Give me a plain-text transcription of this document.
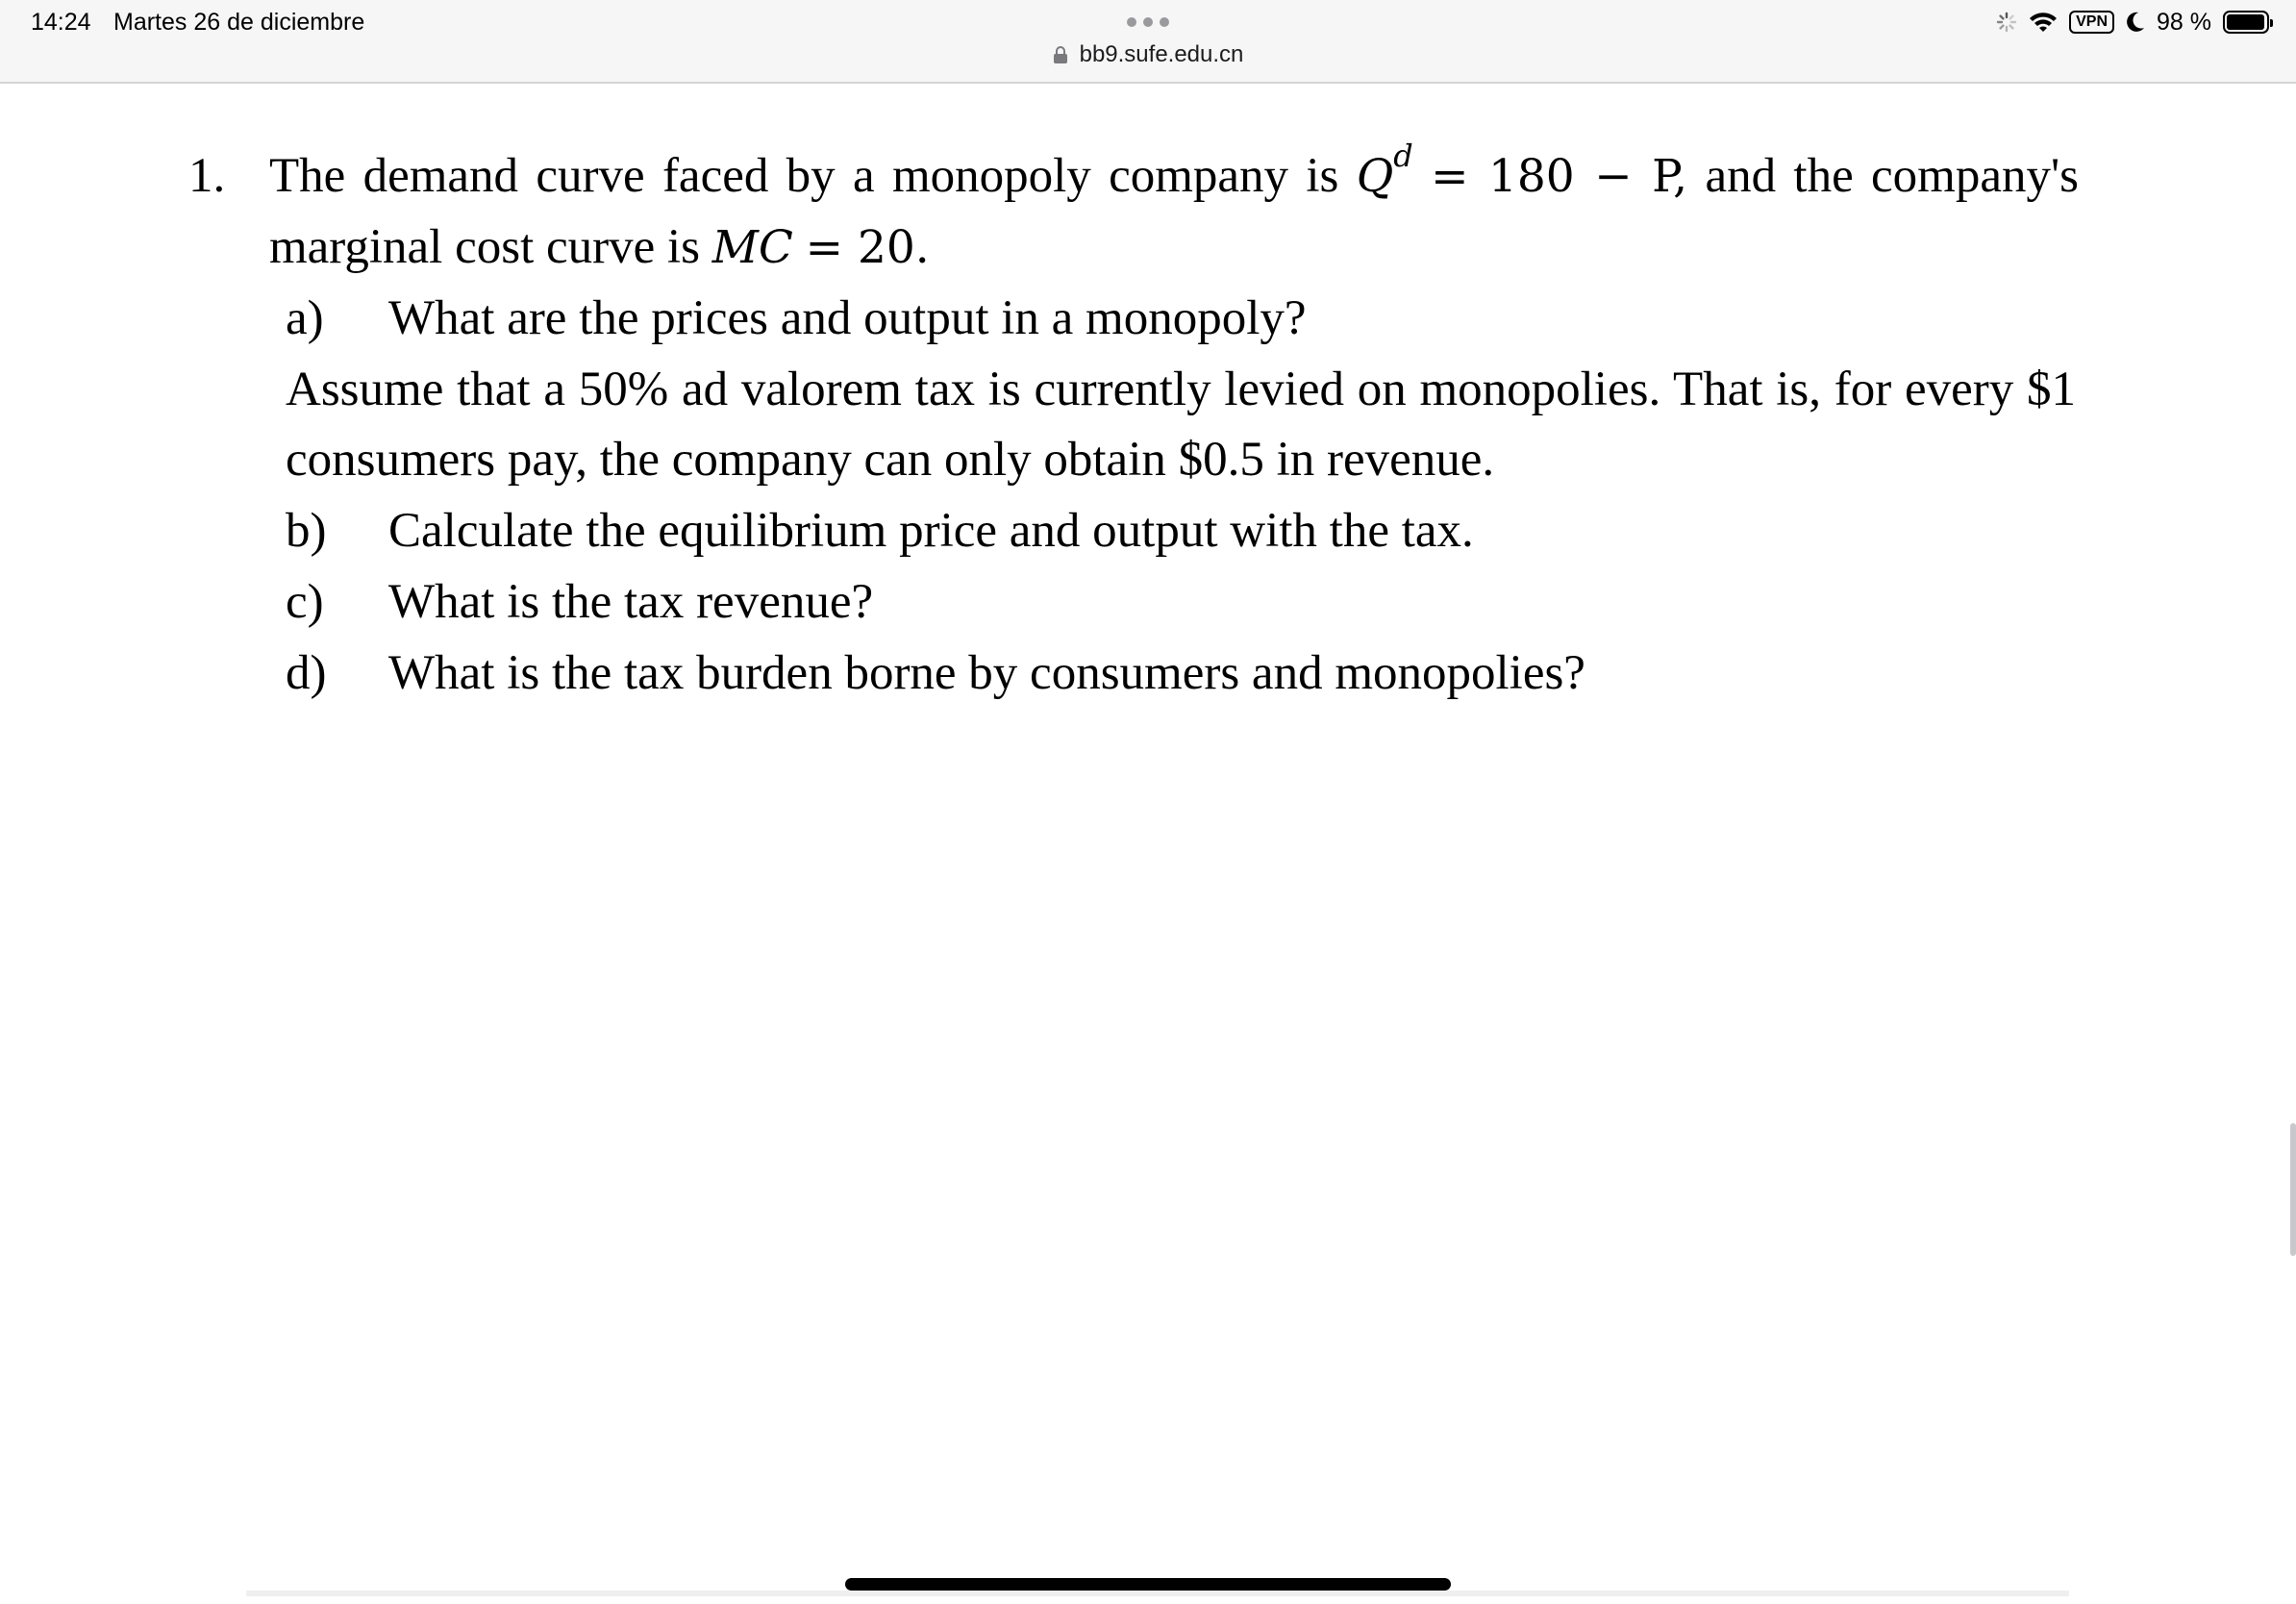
14:24 Martes 26 de diciembre
bb9.sufe.edu.cn
VPN 98 %
1. The demand curve faced by a monopoly company is $Q^d = 180 - P$, and the company's
marginal cost curve is MC = 20.
a) What are the prices and output in a monopoly?
Assume that a 50% ad valorem tax is currently levied on monopolies. That is, for every $1
consumers pay, the company can only obtain $0.5 in revenue.
b) Calculate the equilibrium price and output with the tax.
c) What is the tax revenue?
d) What is the tax burden borne by consumers and monopolies?
